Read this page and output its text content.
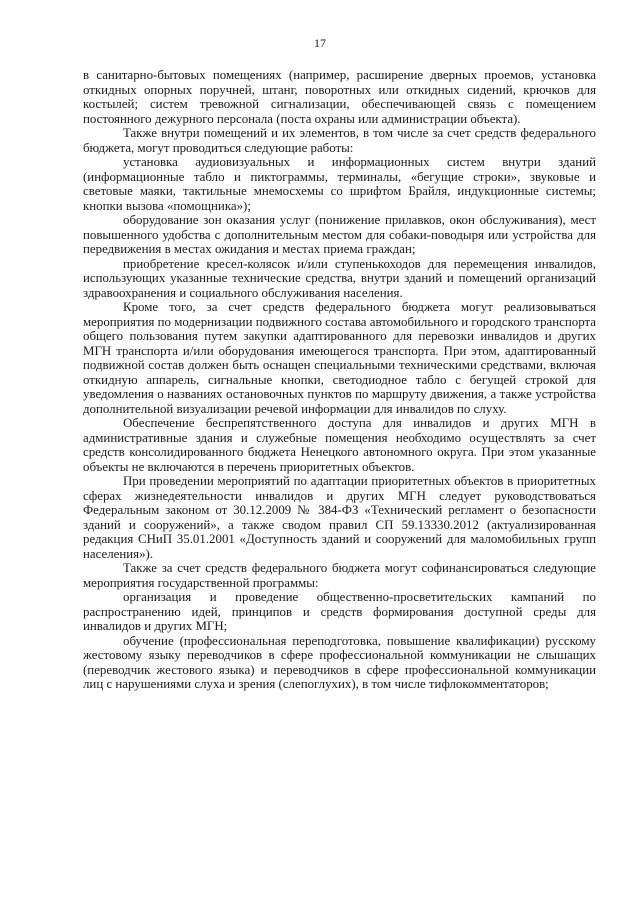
17

в санитарно-бытовых помещениях (например, расширение дверных проемов, установка откидных опорных поручней, штанг, поворотных или откидных сидений, крючков для костылей; систем тревожной сигнализации, обеспечивающей связь с помещением постоянного дежурного персонала (поста охраны или администрации объекта).

Также внутри помещений и их элементов, в том числе за счет средств федерального бюджета, могут проводиться следующие работы:

установка аудиовизуальных и информационных систем внутри зданий (информационные табло и пиктограммы, терминалы, «бегущие строки», звуковые и световые маяки, тактильные мнемосхемы со шрифтом Брайля, индукционные системы; кнопки вызова «помощника»);

оборудование зон оказания услуг (понижение прилавков, окон обслуживания), мест повышенного удобства с дополнительным местом для собаки-поводыря или устройства для передвижения в местах ожидания и местах приема граждан;

приобретение кресел-колясок и/или ступенькоходов для перемещения инвалидов, использующих указанные технические средства, внутри зданий и помещений организаций здравоохранения и социального обслуживания населения.

Кроме того, за счет средств федерального бюджета могут реализовываться мероприятия по модернизации подвижного состава автомобильного и городского транспорта общего пользования путем закупки адаптированного для перевозки инвалидов и других МГН транспорта и/или оборудования имеющегося транспорта. При этом, адаптированный подвижной состав должен быть оснащен специальными техническими средствами, включая откидную аппарель, сигнальные кнопки, светодиодное табло с бегущей строкой для уведомления о названиях остановочных пунктов по маршруту движения, а также устройства дополнительной визуализации речевой информации для инвалидов по слуху.

Обеспечение беспрепятственного доступа для инвалидов и других МГН в административные здания и служебные помещения необходимо осуществлять за счет средств консолидированного бюджета Ненецкого автономного округа. При этом указанные объекты не включаются в перечень приоритетных объектов.

При проведении мероприятий по адаптации приоритетных объектов в приоритетных сферах жизнедеятельности инвалидов и других МГН следует руководствоваться Федеральным законом от 30.12.2009 № 384-ФЗ «Технический регламент о безопасности зданий и сооружений», а также сводом правил СП 59.13330.2012 (актуализированная редакция СНиП 35.01.2001 «Доступность зданий и сооружений для маломобильных групп населения»).

Также за счет средств федерального бюджета могут софинансироваться следующие мероприятия государственной программы:

организация и проведение общественно-просветительских кампаний по распространению идей, принципов и средств формирования доступной среды для инвалидов и других МГН;

обучение (профессиональная переподготовка, повышение квалификации) русскому жестовому языку переводчиков в сфере профессиональной коммуникации не слышащих (переводчик жестового языка) и переводчиков в сфере профессиональной коммуникации лиц с нарушениями слуха и зрения (слепоглухих), в том числе тифлокомментаторов;
